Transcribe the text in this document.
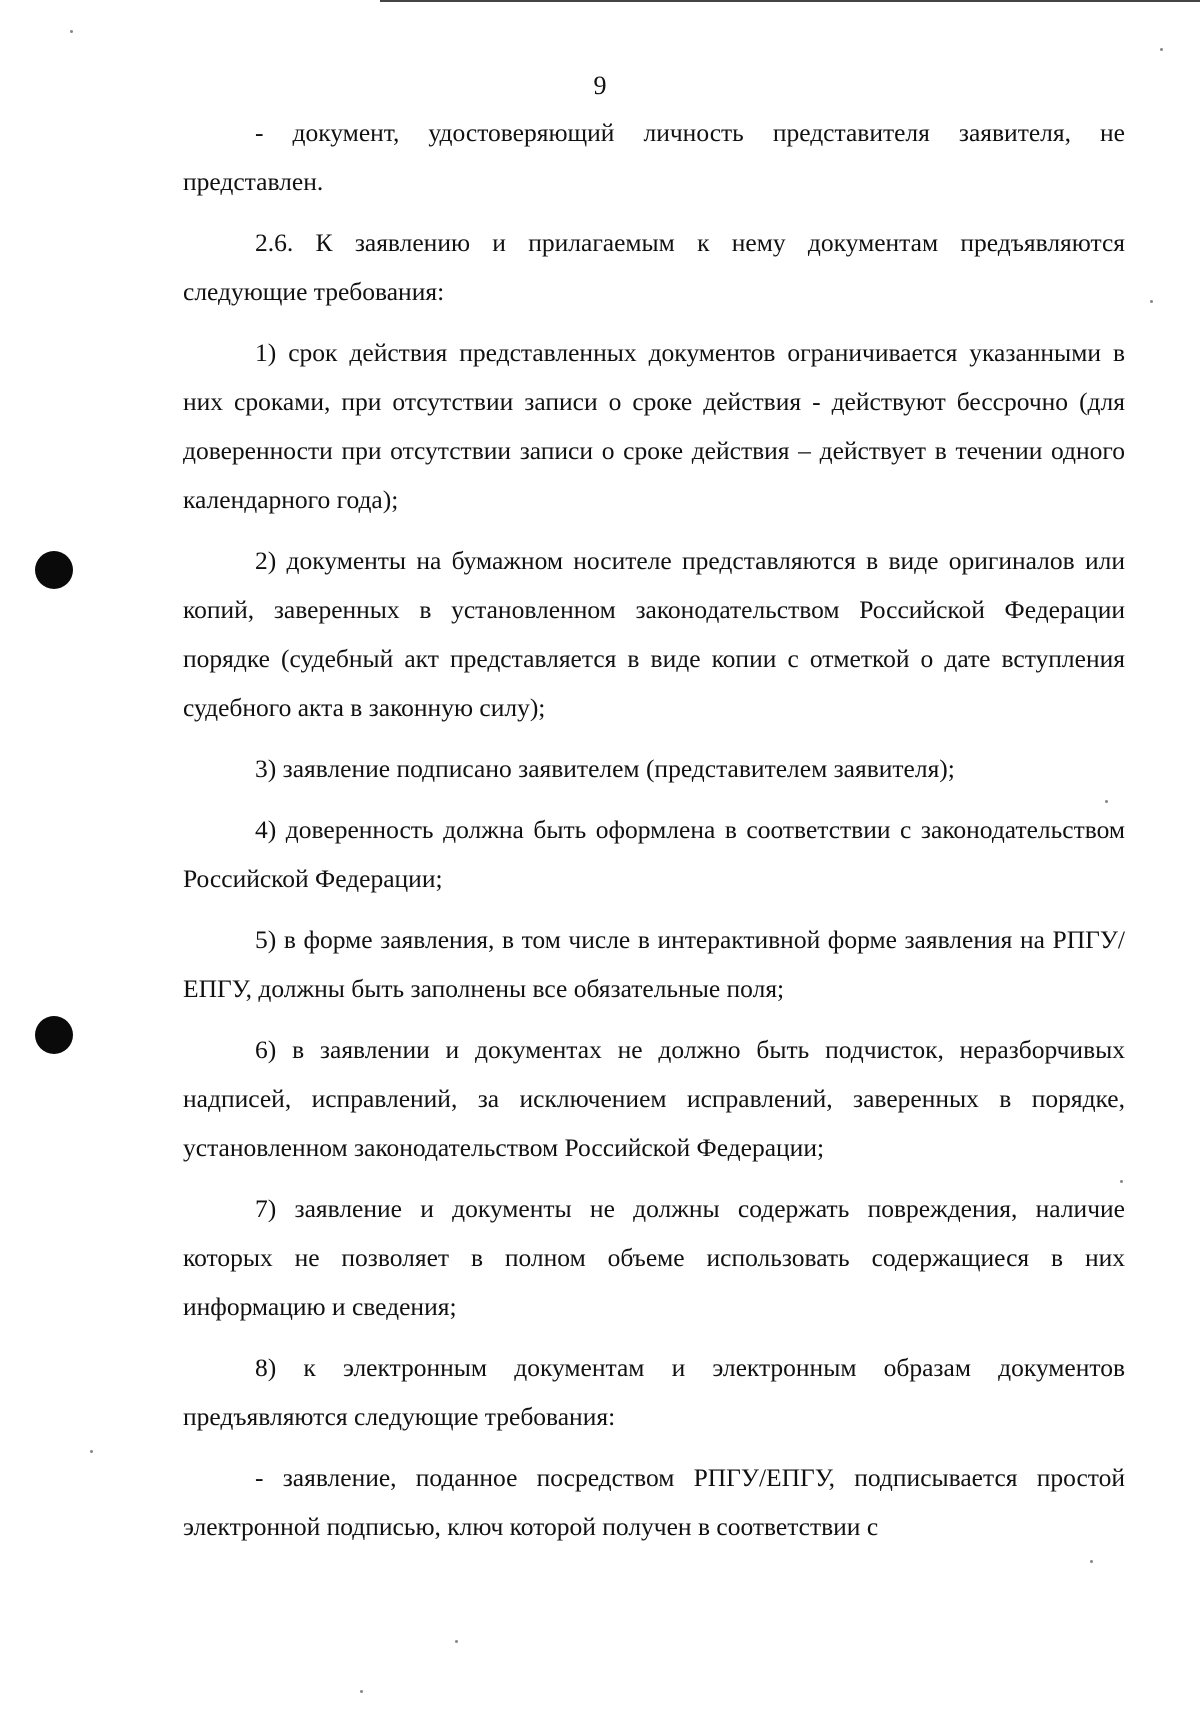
9

- документ, удостоверяющий личность представителя заявителя, не представлен.

2.6. К заявлению и прилагаемым к нему документам предъявляются следующие требования:

1) срок действия представленных документов ограничивается указанными в них сроками, при отсутствии записи о сроке действия - действуют бессрочно (для доверенности при отсутствии записи о сроке действия – действует в течении одного календарного года);

2) документы на бумажном носителе представляются в виде оригиналов или копий, заверенных в установленном законодательством Российской Федерации порядке (судебный акт представляется в виде копии с отметкой о дате вступления судебного акта в законную силу);

3) заявление подписано заявителем (представителем заявителя);

4) доверенность должна быть оформлена в соответствии с законодательством Российской Федерации;

5) в форме заявления, в том числе в интерактивной форме заявления на РПГУ/ЕПГУ, должны быть заполнены все обязательные поля;

6) в заявлении и документах не должно быть подчисток, неразборчивых надписей, исправлений, за исключением исправлений, заверенных в порядке, установленном законодательством Российской Федерации;

7) заявление и документы не должны содержать повреждения, наличие которых не позволяет в полном объеме использовать содержащиеся в них информацию и сведения;

8) к электронным документам и электронным образам документов предъявляются следующие требования:

- заявление, поданное посредством РПГУ/ЕПГУ, подписывается простой электронной подписью, ключ которой получен в соответствии с
